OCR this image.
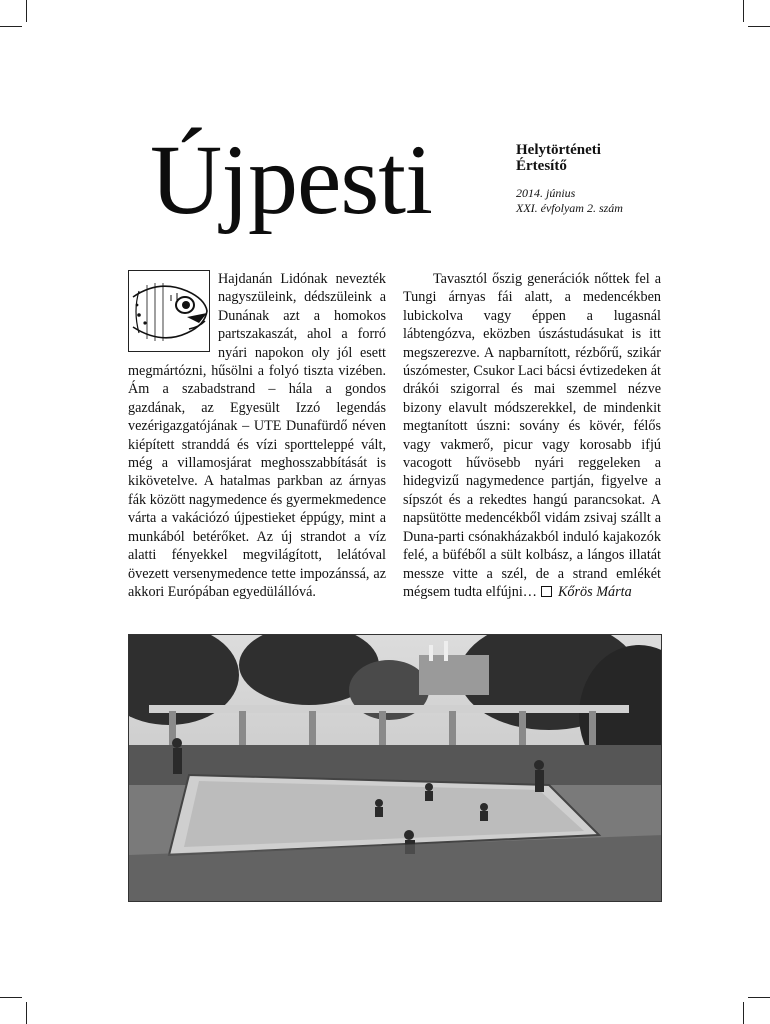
Újpesti	Helytörténeti
Értesítő
2014. június
XXI. évfolyam 2. szám

Hajdanán Lidónak nevezték nagyszüleink, dédszüleink a Dunának azt a homokos partszakaszát, ahol a forró nyári napokon oly jól esett megmártózni, hűsölni a folyó tiszta vizében. Ám a szabadstrand – hála a gondos gazdának, az Egyesült Izzó legendás vezérigazgatójának – UTE Dunafürdő néven kiépített stranddá és vízi sportteleppé vált, még a villamosjárat meghosszabbítását is kikövetelve. A hatalmas parkban az árnyas fák között nagymedence és gyermekmedence várta a vakációzó újpestieket éppúgy, mint a munkából betérőket. Az új strandot a víz alatti fényekkel megvilágított, lelátóval övezett versenymedence tette impozánssá, az akkori Európában egyedülállóvá.

Tavasztól őszig generációk nőttek fel a Tungi árnyas fái alatt, a medencékben lubickolva vagy éppen a lugasnál lábtengózva, eközben úszástudásukat is itt megszerezve. A napbarnított, rézbőrű, szikár úszómester, Csukor Laci bácsi évtizedeken át drákói szigorral és mai szemmel nézve bizony elavult módszerekkel, de mindenkit megtanított úszni: sovány és kövér, félős vagy vakmerő, picur vagy korosabb ifjú vacogott hűvösebb nyári reggeleken a hidegvizű nagymedence partján, figyelve a sípszót és a rekedtes hangú parancsokat. A napsütötte medencékből vidám zsivaj szállt a Duna-parti csónakházakból induló kajakozók felé, a büféből a sült kolbász, a lángos illatát messze vitte a szél, de a strand emlékét mégsem tudta elfújni… Kőrös Márta
